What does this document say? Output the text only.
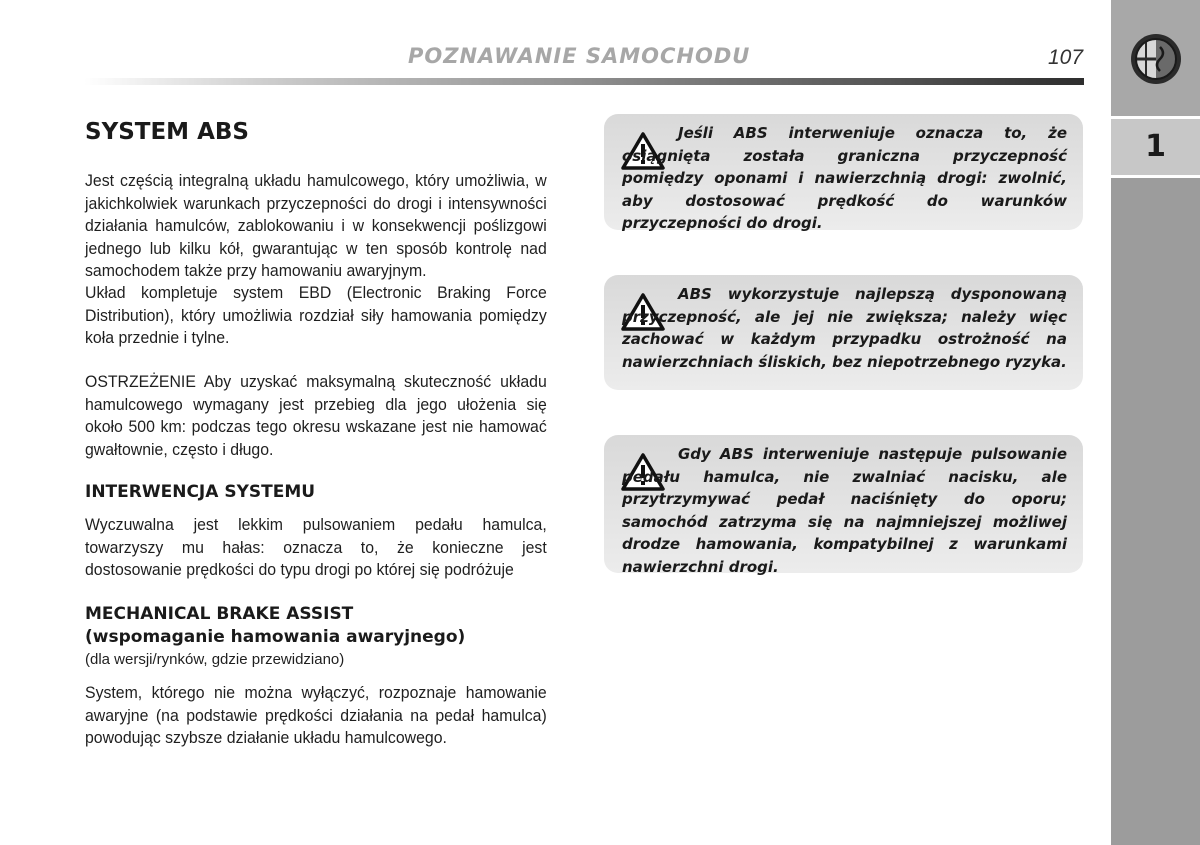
1
POZNAWANIE SAMOCHODU	107
SYSTEM ABS

Jest częścią integralną układu hamulcowego, który umożliwia, w jakichkolwiek warunkach przyczepności do drogi i intensywności działania hamulców, zablokowaniu i w konsekwencji poślizgowi jednego lub kilku kół, gwarantując w ten sposób kontrolę nad samochodem także przy hamowaniu awaryjnym.

Układ kompletuje system EBD (Electronic Braking Force Distribution), który umożliwia rozdział siły hamowania pomiędzy koła przednie i tylne.

OSTRZEŻENIE Aby uzyskać maksymalną skuteczność układu hamulcowego wymagany jest przebieg dla jego ułożenia się około 500 km: podczas tego okresu wskazane jest nie hamować gwałtownie, często i długo.

INTERWENCJA SYSTEMU

Wyczuwalna jest lekkim pulsowaniem pedału hamulca, towarzyszy mu hałas: oznacza to, że konieczne jest dostosowanie prędkości do typu drogi po której się podróżuje

MECHANICAL BRAKE ASSIST
(wspomaganie hamowania awaryjnego)

(dla wersji/rynków, gdzie przewidziano)

System, którego nie można wyłączyć, rozpoznaje hamowanie awaryjne (na podstawie prędkości działania na pedał hamulca) powodując szybsze działanie układu hamulcowego.

Jeśli ABS interweniuje oznacza to, że osiągnięta została graniczna przyczepność pomiędzy oponami i nawierzchnią drogi: zwolnić, aby dostosować prędkość do warunków przyczepności do drogi.

ABS wykorzystuje najlepszą dysponowaną przyczepność, ale jej nie zwiększa; należy więc zachować w każdym przypadku ostrożność na nawierzchniach śliskich, bez niepotrzebnego ryzyka.

Gdy ABS interweniuje następuje pulsowanie pedału hamulca, nie zwalniać nacisku, ale przytrzymywać pedał naciśnięty do oporu; samochód zatrzyma się na najmniejszej możliwej drodze hamowania, kompatybilnej z warunkami nawierzchni drogi.
